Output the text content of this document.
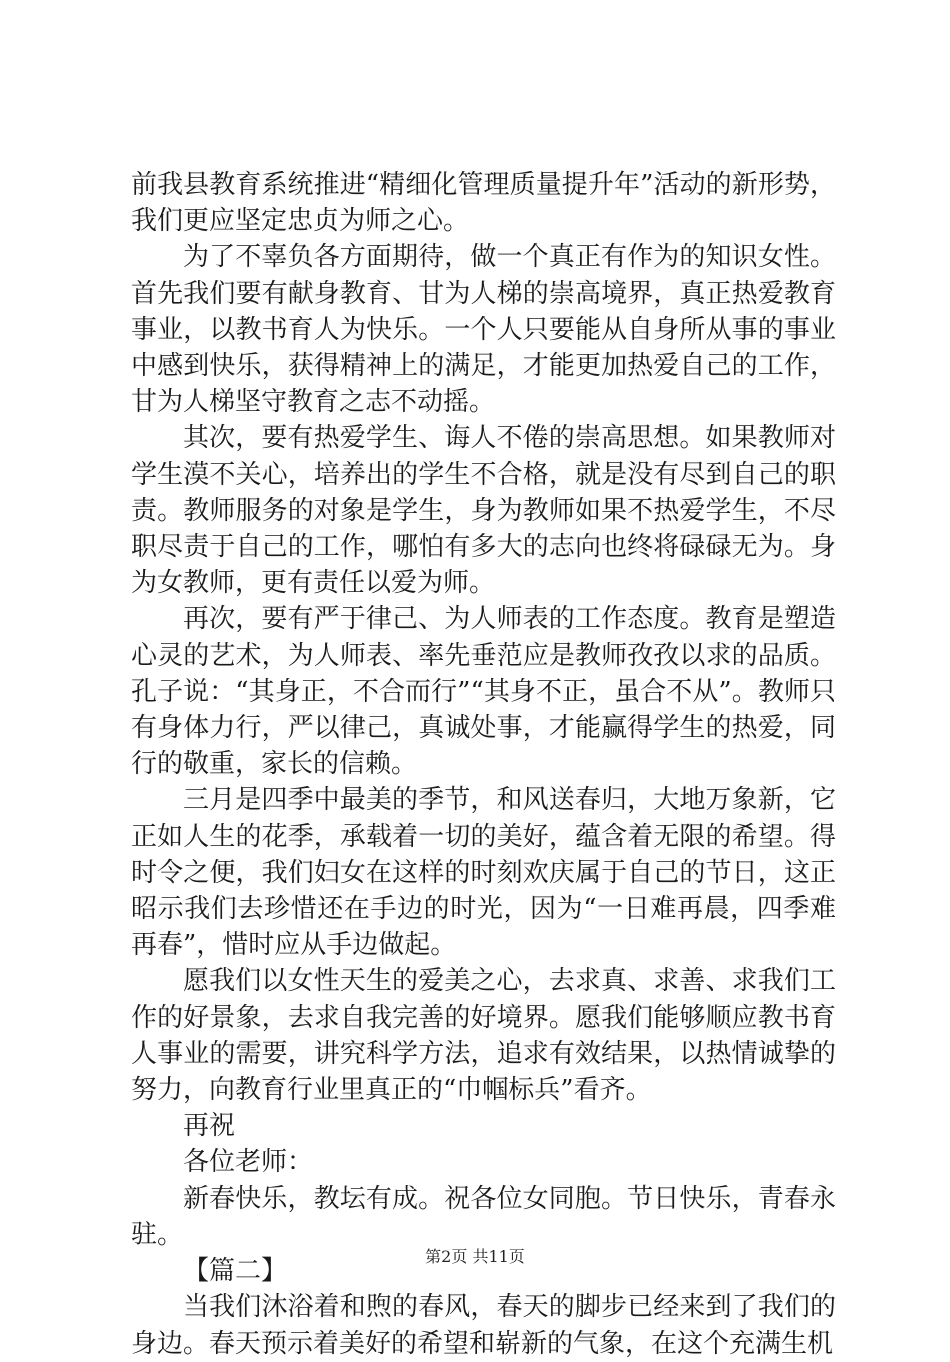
前我县教育系统推进“精细化管理质量提升年”活动的新形势，我们更应坚定忠贞为师之心。

为了不辜负各方面期待，做一个真正有作为的知识女性。首先我们要有献身教育、甘为人梯的崇高境界，真正热爱教育事业，以教书育人为快乐。一个人只要能从自身所从事的事业中感到快乐，获得精神上的满足，才能更加热爱自己的工作，甘为人梯坚守教育之志不动摇。

其次，要有热爱学生、诲人不倦的崇高思想。如果教师对学生漠不关心，培养出的学生不合格，就是没有尽到自己的职责。教师服务的对象是学生，身为教师如果不热爱学生，不尽职尽责于自己的工作，哪怕有多大的志向也终将碌碌无为。身为女教师，更有责任以爱为师。

再次，要有严于律己、为人师表的工作态度。教育是塑造心灵的艺术，为人师表、率先垂范应是教师孜孜以求的品质。孔子说：“其身正，不合而行”“其身不正，虽合不从”。教师只有身体力行，严以律己，真诚处事，才能赢得学生的热爱，同行的敬重，家长的信赖。

三月是四季中最美的季节，和风送春归，大地万象新，它正如人生的花季，承载着一切的美好，蕴含着无限的希望。得时令之便，我们妇女在这样的时刻欢庆属于自己的节日，这正昭示我们去珍惜还在手边的时光，因为“一日难再晨，四季难再春”，惜时应从手边做起。

愿我们以女性天生的爱美之心，去求真、求善、求我们工作的好景象，去求自我完善的好境界。愿我们能够顺应教书育人事业的需要，讲究科学方法，追求有效结果，以热情诚挚的努力，向教育行业里真正的“巾帼标兵”看齐。

再祝

各位老师：

新春快乐，教坛有成。祝各位女同胞。节日快乐，青春永驻。

【篇二】

当我们沐浴着和煦的春风，春天的脚步已经来到了我们的身边。春天预示着美好的希望和崭新的气象，在这个充满生机

第2页 共11页
